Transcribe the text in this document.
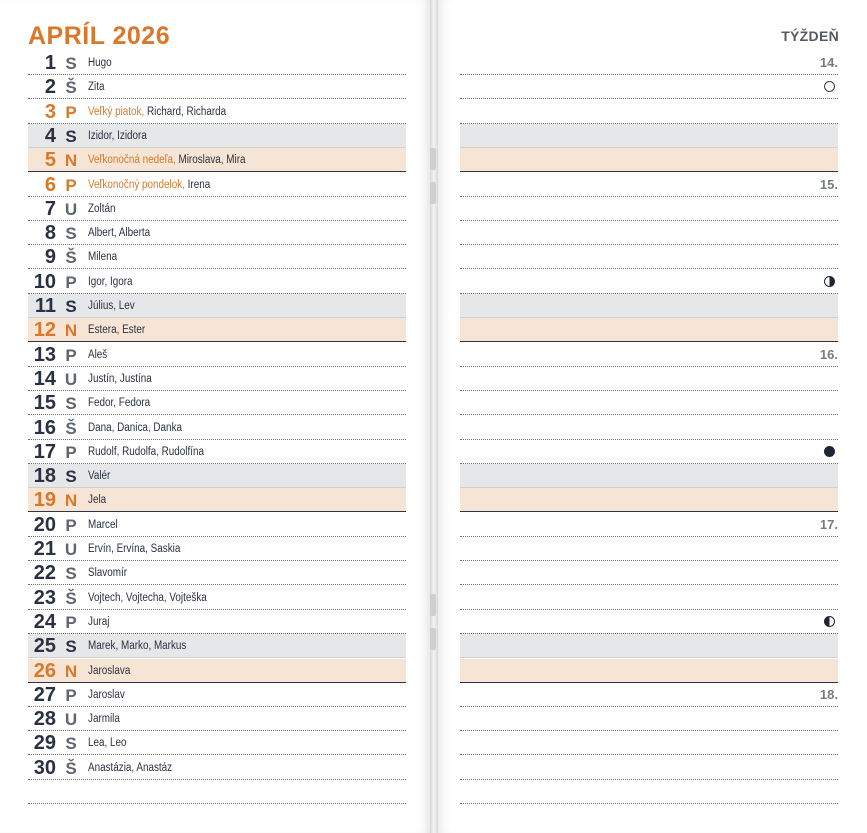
APRÍL 2026	TÝŽDEŇ
1 S Hugo
2 Š Zita
3 P Veľký piatok, Richard, Richarda
4 S Izidor, Izidora
5 N Veľkonočná nedeľa, Miroslava, Mira
6 P Veľkonočný pondelok, Irena
7 U Zoltán
8 S Albert, Alberta
9 Š Milena
10 P Igor, Igora
11 S Július, Lev
12 N Estera, Ester
13 P Aleš
14 U Justín, Justína
15 S Fedor, Fedora
16 Š Dana, Danica, Danka
17 P Rudolf, Rudolfa, Rudolfína
18 S Valér
19 N Jela
20 P Marcel
21 U Ervín, Ervína, Saskia
22 S Slavomír
23 Š Vojtech, Vojtecha, Vojteška
24 P Juraj
25 S Marek, Marko, Markus
26 N Jaroslava
27 P Jaroslav
28 U Jarmila
29 S Lea, Leo
30 Š Anastázia, Anastáz
14.
15.
16.
17.
18.
